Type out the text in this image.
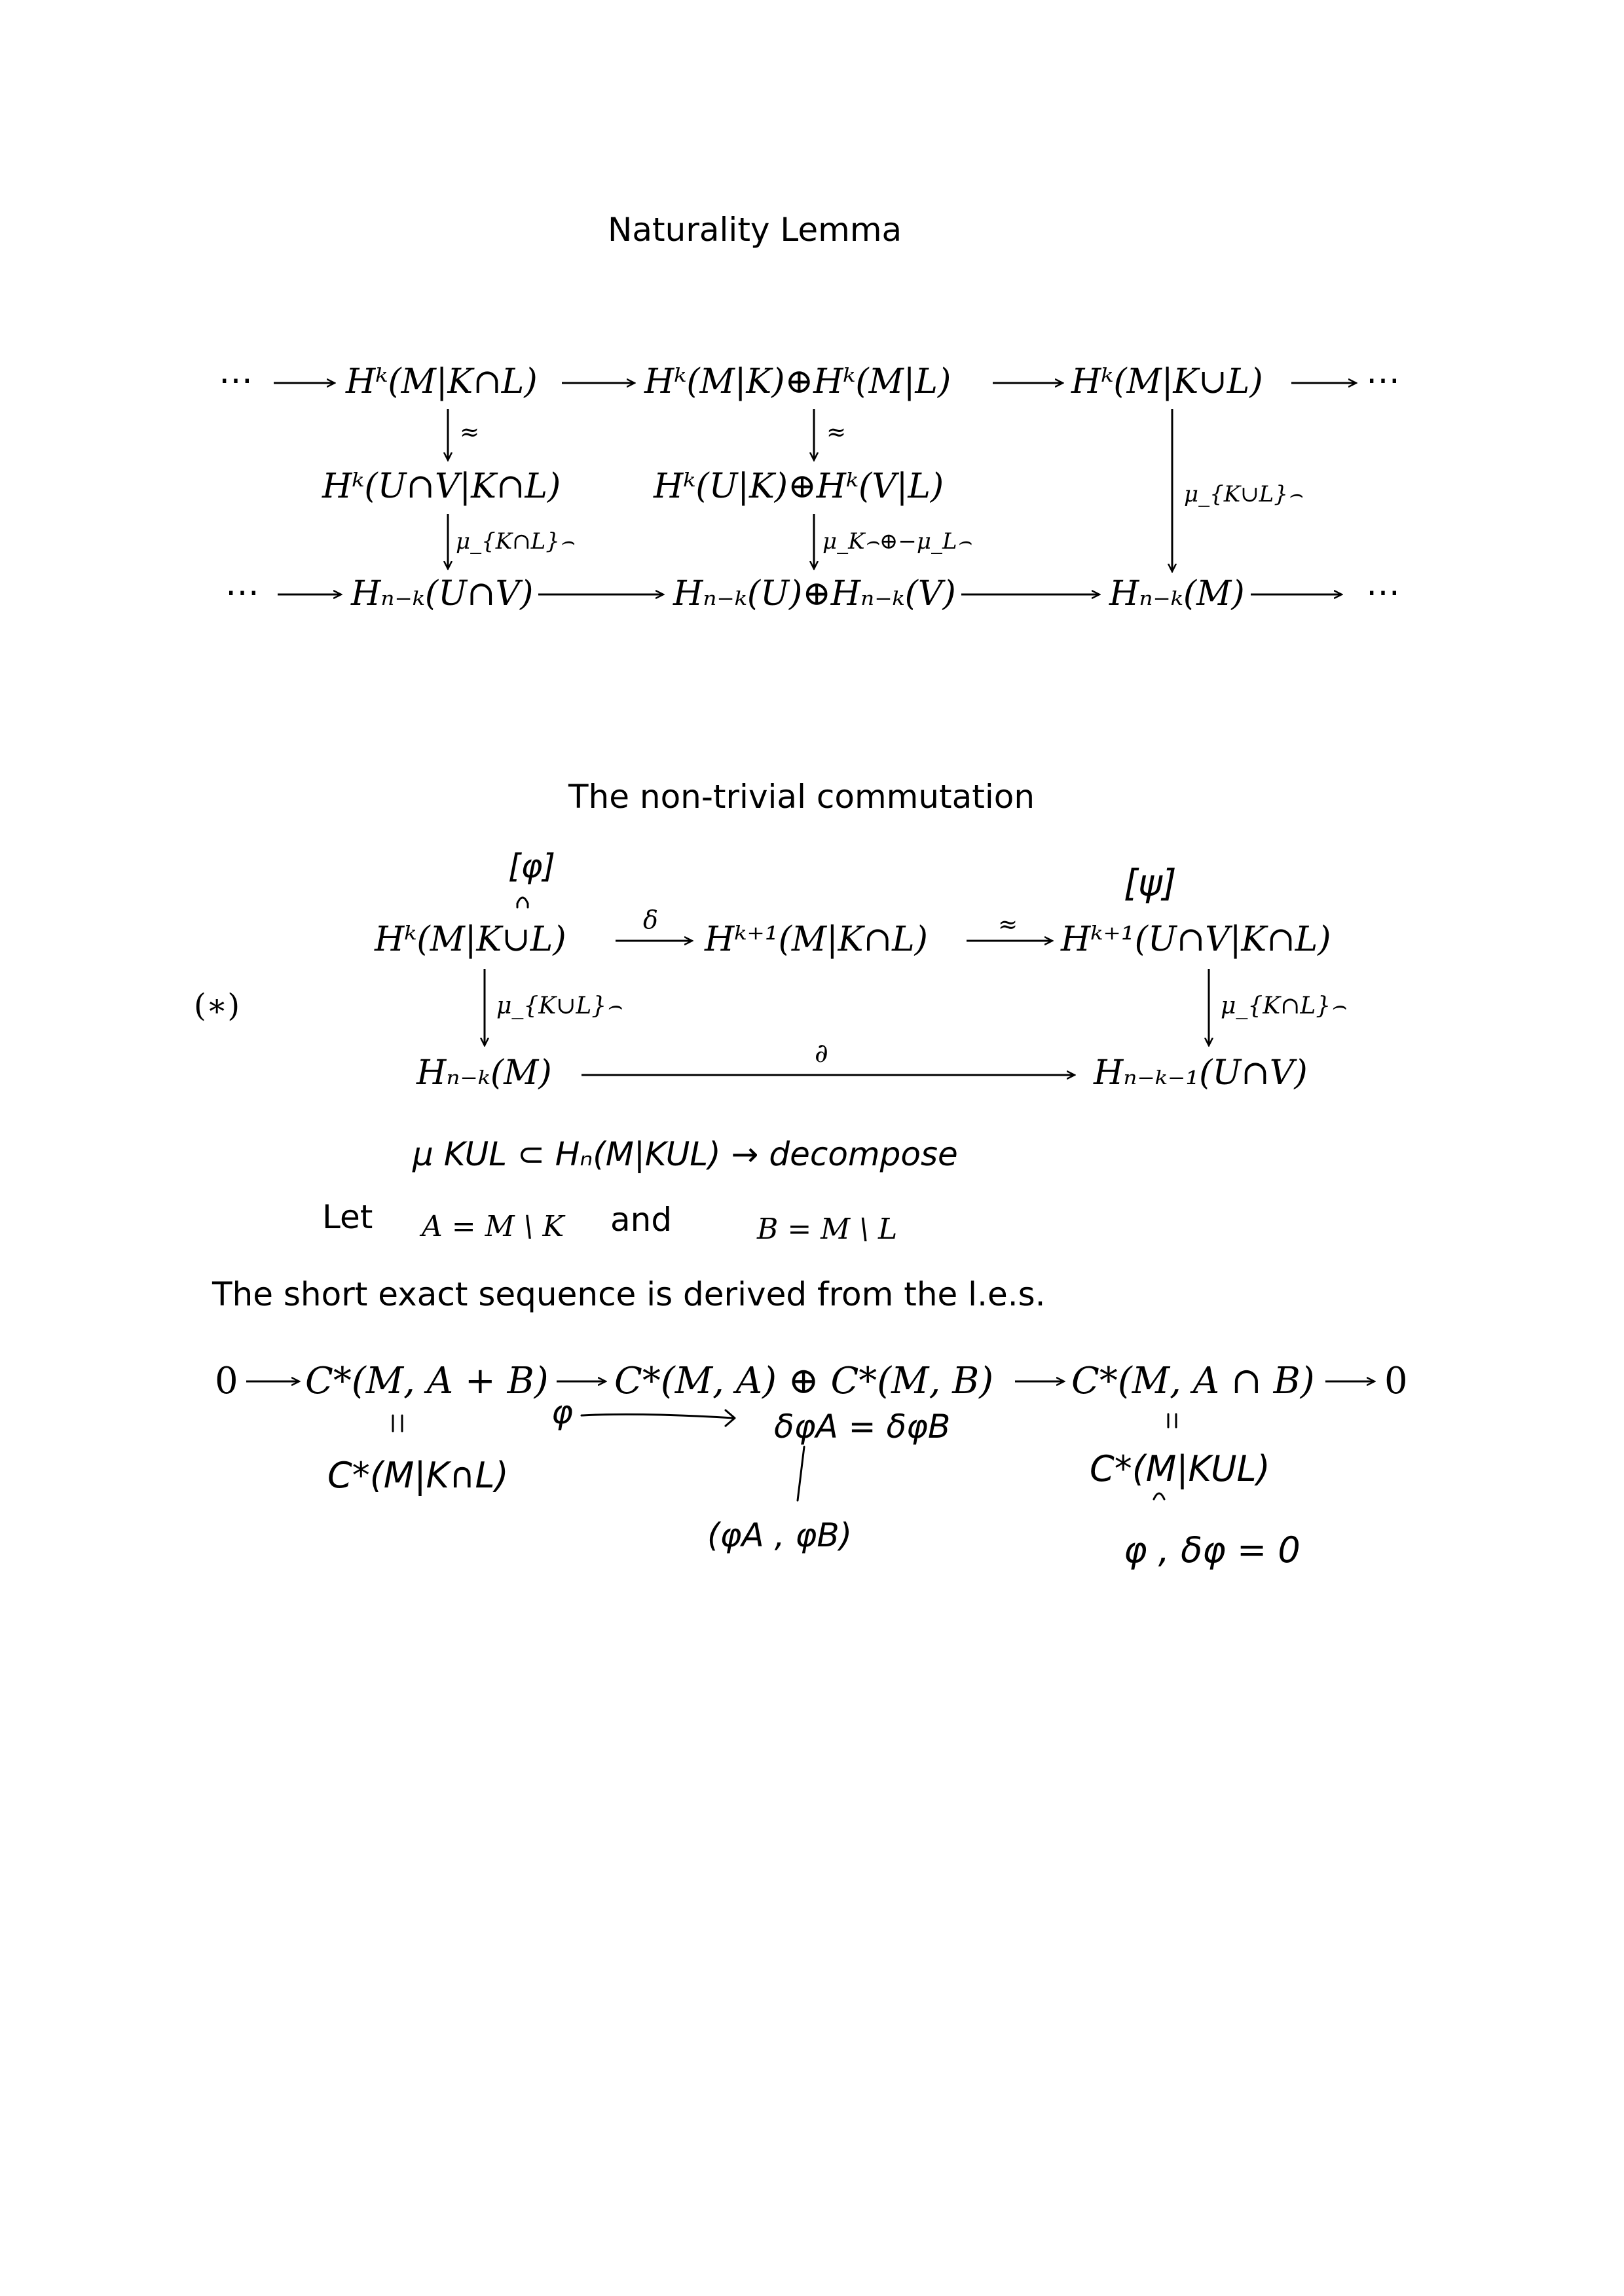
Naturality Lemma
The non-trivial commutation
Let	and
The short exact sequence is derived from the l.e.s.
⋯	Hᵏ(M|K∩L)	Hᵏ(M|K)⊕Hᵏ(M|L)	Hᵏ(M|K∪L)	⋯
≈	≈
Hᵏ(U∩V|K∩L)	Hᵏ(U|K)⊕Hᵏ(V|L)
μ_{K∩L}⌢	μ_K⌢⊕−μ_L⌢
μ_{K∪L}⌢
⋯	Hₙ₋ₖ(U∩V)	Hₙ₋ₖ(U)⊕Hₙ₋ₖ(V)	Hₙ₋ₖ(M)	⋯
(∗)
[φ]	[ψ]
Hᵏ(M|K∪L)	δ Hᵏ⁺¹(M|K∩L)	≈ Hᵏ⁺¹(U∩V|K∩L)
μ_{K∪L}⌢	μ_{K∩L}⌢
Hₙ₋ₖ(M)	∂	Hₙ₋ₖ₋₁(U∩V)
μ KUL ⊂ Hₙ(M|KUL) → decompose
A = M \ K	B = M \ L
0 C*(M, A + B) C*(M, A) ⊕ C*(M, B) C*(M, A ∩ B) 0
C*(M|K∩L)
φ	δφA = δφB
(φA , φB)
C*(M|KUL)
φ , δφ = 0
